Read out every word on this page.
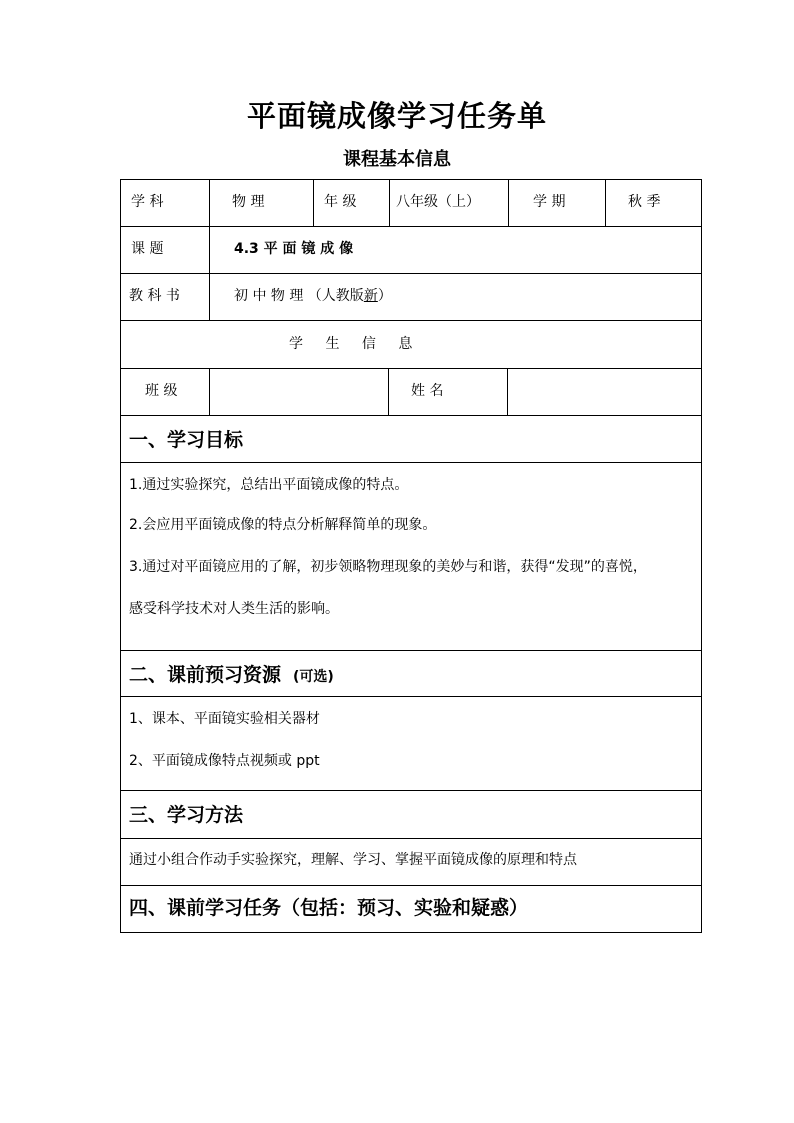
平面镜成像学习任务单
课程基本信息
学 科	物 理	年 级	八年级（上）	学 期	秋 季
课 题	4.3 平 面 镜 成 像
教 科 书	初 中 物 理 （人教版新）
学 生 信 息
班 级	姓 名
一、学习目标
1.通过实验探究，总结出平面镜成像的特点。
2.会应用平面镜成像的特点分析解释简单的现象。
3.通过对平面镜应用的了解，初步领略物理现象的美妙与和谐，获得“发现”的喜悦，
感受科学技术对人类生活的影响。
二、课前预习资源 (可选)
1、课本、平面镜实验相关器材
2、平面镜成像特点视频或 ppt
三、学习方法
通过小组合作动手实验探究，理解、学习、掌握平面镜成像的原理和特点
四、课前学习任务（包括：预习、实验和疑惑）
